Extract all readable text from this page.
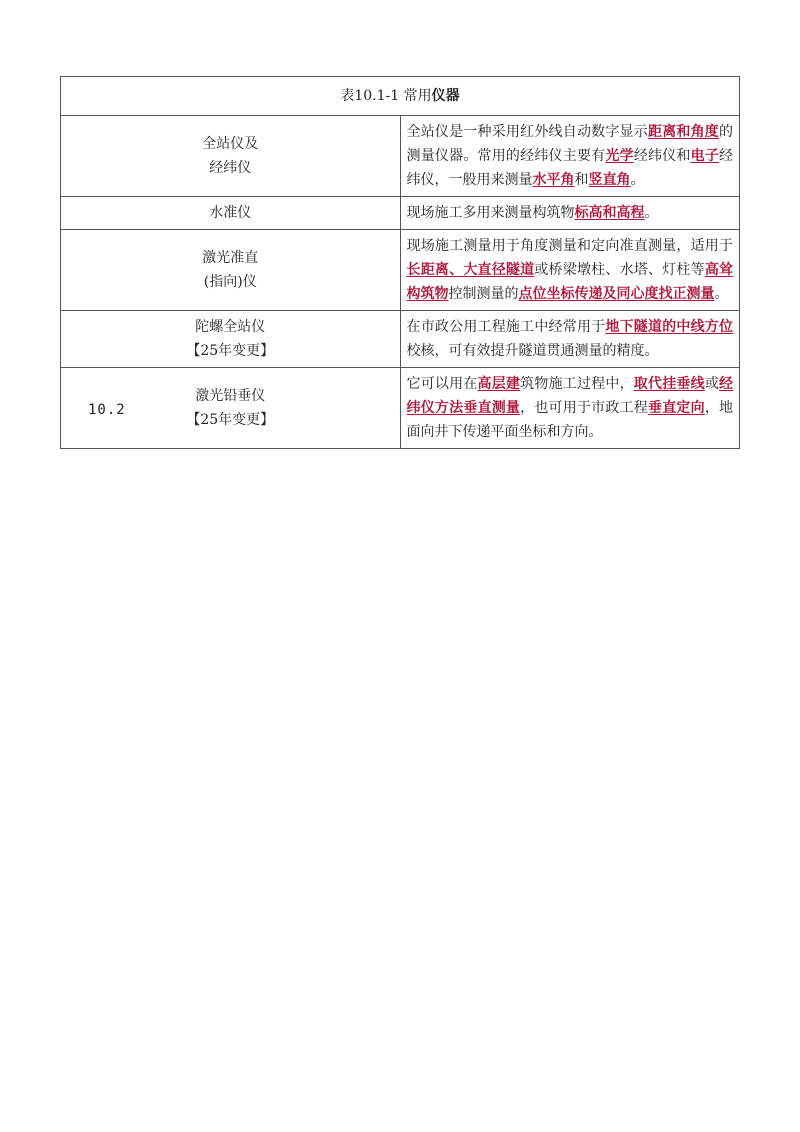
表10.1-1 常用仪器	

全站仪及
经纬仪	全站仪是一种采用红外线自动数字显示距离和角度的测量仪器。常用的经纬仪主要有光学经纬仪和电子经纬仪，一般用来测量水平角和竖直角。

水准仪	现场施工多用来测量构筑物标高和高程。

激光准直
(指向)仪	现场施工测量用于角度测量和定向准直测量，适用于长距离、大直径隧道或桥梁墩柱、水塔、灯柱等高耸构筑物控制测量的点位坐标传递及同心度找正测量。

陀螺全站仪
【25年变更】	在市政公用工程施工中经常用于地下隧道的中线方位校核，可有效提升隧道贯通测量的精度。

激光铅垂仪
【25年变更】	它可以用在高层建筑物施工过程中，取代挂垂线或经纬仪方法垂直测量，也可用于市政工程垂直定向，地面向井下传递平面坐标和方向。
10.2
